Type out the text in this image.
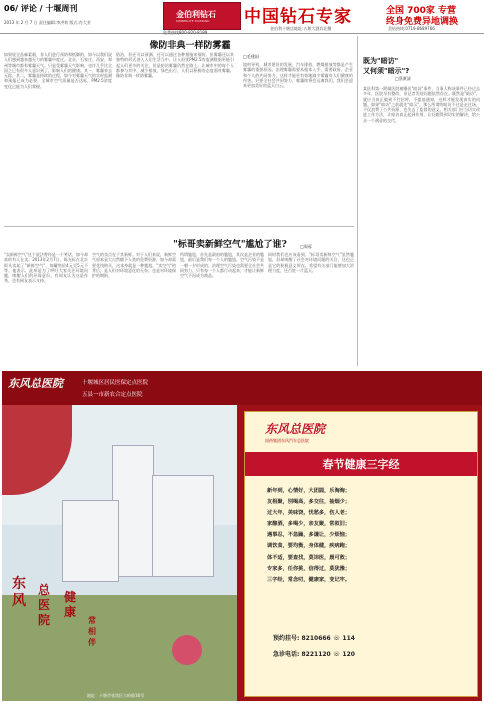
06/ 评论 / 十堰周刊
2013 年 2 月 7 日 责任编辑:李洪荷 版式:肖大芳
金伯利钻石
KIMBERLITE DIAMOND 中国钻石专家	全国 700家 专营
终身免费异地调换
金伯利十堰店地址:五堰大酒店北侧	美钻热线:0719-8689766
免费热线800-820-8189
像防非典一样防雾霾
□毛建国
如果说全品麻素载，非人们进行预防和抵御的，如今以我们说人们感到越来越无力的雾霾中度过。北京、石家庄、西安、郑州等城市都有雾霾天气。只是受雾霾天气影响，也许几乎比全国之已有很多人意识到了，影响人们的健康。其一，雾霾来去无踪，其二，雾霾是持续的过程，如今对雾霾天气的实时监测和预报已成为必要，全城市空气质量是否达标，PM2.5浓度变化已能为人们掌握。
防治，但还可以预测。还可以通过各种措施来预防。但雾霾还以其独特的形式进入人们生活当中，让人担忧PM2.5的监测数据更能引起人们更多的关注，但是防治雾霾仍然在路上。让城市中的每个人都参与其中，减少排放，绿色出行，人们以积极的态度面对雾霾，像防非典一样防雾霾。
境的导致，城市建设的发展，汽车排放，燃煤排放等都是产生雾霾的重要原因。治理雾霾需要从根本入手，需要政府、企业和个人的共同努力，这样才能更有效地减少雾霾对人们健康的伤害。只要全社会共同努力，雾霾终将会远离我们，我们会迎来更加美好的蓝天白云。
既为"暗访"
又何须"暗示"?
□蔡黄清
某医科第一附属医院被曝出"暗访"事件，当事人称该事件已经过去多年，医院早有整改，但记者发现问题依然存在。既然是"暗访"，就应当真正做到不打招呼、不提前通知，这样才能发现真实的问题。如果"暗访"之前就先"暗示"，那么所谓的暗访不过是走过场，不仅浪费了公共资源，也失去了监督的意义。相关部门应当切实改进工作方法，让暗访真正起到作用，让问题得到切实的解决，给公众一个满意的交代。
"标哥卖新鲜空气"尴尬了谁?	□周蓉
"卖新鲜空气"这个说法曾经是一个笑话，如今却真的有人在卖。2013年2月7日，陈光标在北京街头卖起了"新鲜空气"，每罐售价4元至5元不等。他表示，此举是为了呼吁大家关注环境问题，唤醒人们的环保意识。有网友认为这是作秀，也有网友表示支持。
空气的卖点在于其新鲜。对于人们来说，新鲜空气原本是大自然赋予人类的免费资源，如今却需要花钱购买，这本身就是一种尴尬。"卖空气"的背后，是人们对环境恶化的无奈，也是对环境保护的期盼。
所谓尴尬，首先是政府的尴尬，其次是企业的尴尬，最后是我们每一个人的尴尬。空气污染不是一朝一夕形成的，治理空气污染也需要全社会共同努力。只有每一个人都行动起来，才能让新鲜空气不再成为商品。
同时我们也应该看到，"标哥卖新鲜空气"虽然尴尬，但却唤醒了社会对环境问题的关注，这也正是它的积极意义所在。希望有关部门能够加大治理力度，还百姓一片蓝天。
东风总医院	十堰城区居民医保定点医院
五县一市新农合定点医院
东风
总医院
健康
常相伴
东风总医院
国药集团东风汽车总医院
春节健康三字经
新年到，心情好，大团圆，乐淘淘；
友相聚，别喝高，多交往，抽烟少；
过大年，美味饶，忧愁多，伤人老；
家酿酒，多喝少，亲友聚，常叙旧；
遇事忍，不急躁，多谦让，少烦恼；
调饮食，要均衡，身体健，疾病跑；
体不适，要查找，莫讳医，晨可救；
专家多，任你挑，信得过，莫犹豫；
三字经，常念叨，健康家，变记牢。
预约挂号: 8210666 ☏ 114
急诊电话: 8221120 ☏ 120
地址：十堰市张湾区大岭路16号
